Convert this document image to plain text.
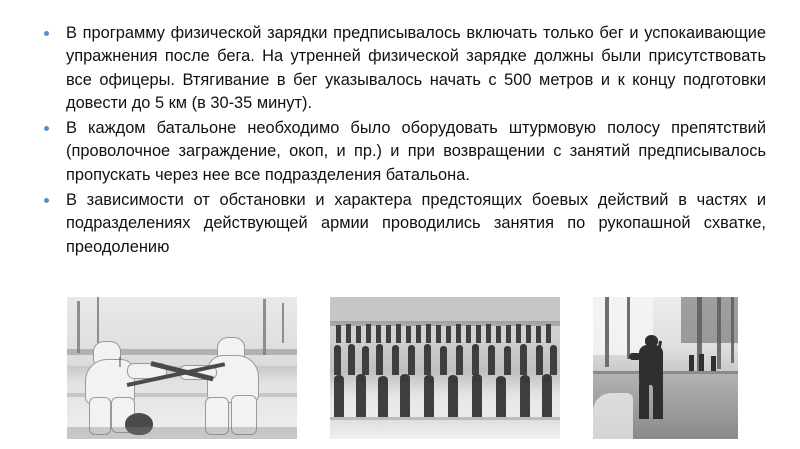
В программу физической зарядки предписывалось включать только бег и успокаивающие упражнения после бега. На утренней физической зарядке должны были присутствовать все офицеры. Втягивание в бег указывалось начать с 500 метров и к концу подготовки довести до 5 км (в 30-35 минут).
В каждом батальоне необходимо было оборудовать штурмовую полосу препятствий (проволочное заграждение, окоп, и пр.) и при возвращении с занятий предписывалось пропускать через нее все подразделения батальона.
В зависимости от обстановки и характера предстоящих боевых действий в частях и подразделениях действующей армии проводились занятия по рукопашной схватке, преодолению
